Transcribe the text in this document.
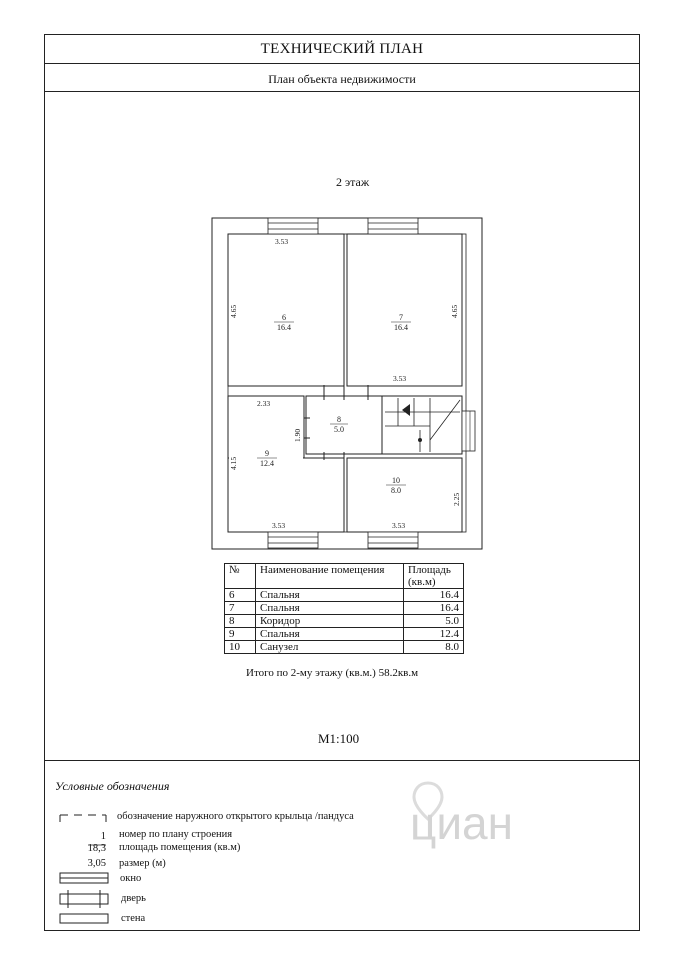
ТЕХНИЧЕСКИЙ ПЛАН
План объекта недвижимости
2 этаж
3.53
4.65	4.65
3.53
2.33
4.15
1.90
3.53	3.53
2.25
6
16.4
7
16.4
8
5.0
9
12.4
10
8.0
№	Наименование помещения	Площадь
(кв.м)

6	Спальня	16.4
7	Спальня	16.4
8	Коридор	5.0
9	Спальня	12.4
10	Санузел	8.0
Итого по 2-му этажу (кв.м.) 58.2кв.м
М1:100
Условные обозначения
обозначение наружного открытого крыльца /пандуса
1 номер по плану строения
18,3 площадь помещения (кв.м)
3,05 размер (м)
окно
дверь
стена
циан
